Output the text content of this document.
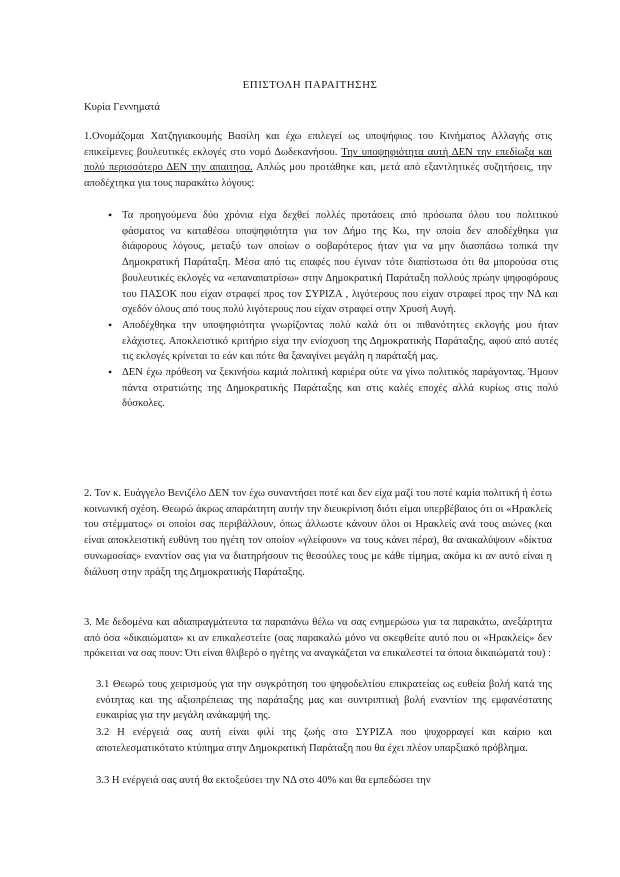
ΕΠΙΣΤΟΛΗ ΠΑΡΑΙΤΗΣΗΣ
Κυρία Γεννηματά
1.Ονομάζομαι Χατζηγιακουμής Βασίλη και έχω επιλεγεί ως υποψήφιος του Κινήματος Αλλαγής στις επικείμενες βουλευτικές εκλογές στο νομό Δωδεκανήσου. Την υποψηφιότητα αυτή ΔΕΝ την επεδίωξα και πολύ περισσότερο ΔΕΝ την απαιτησα. Απλώς μου προτάθηκε και, μετά από εξαντλητικές συζητήσεις, την αποδέχτηκα για τους παρακάτω λόγους:
• Τα προηγούμενα δύο χρόνια είχα δεχθεί πολλές προτάσεις από πρόσωπα όλου του πολιτικού φάσματος να καταθέσω υποψηφιότητα για τον Δήμο της Κω, την οποία δεν αποδέχθηκα για διάφορους λόγους, μεταξύ των οποίων ο σοβαρότερος ήταν για να μην διασπάσω τοπικά την Δημοκρατική Παράταξη. Μέσα από τις επαφές που έγιναν τότε διαπίστωσα ότι θα μπορούσα στις βουλευτικές εκλογές να «επαναπατρίσω» στην Δημοκρατική Παράταξη πολλούς πρώην ψηφοφόρους του ΠΑΣΟΚ που είχαν στραφεί προς τον ΣΥΡΙΖΑ , λιγότερους που είχαν στραφεί προς την ΝΔ και σχεδόν όλους από τους πολύ λιγότερους που είχαν στραφεί στην Χρυσή Αυγή.
• Αποδέχθηκα την υποψηφιότητα γνωρίζοντας πολύ καλά ότι οι πιθανότητες εκλογής μου ήταν ελάχιστες. Αποκλειστικό κριτήριο είχα την ενίσχυση της Δημοκρατικής Παράταξης, αφού από αυτές τις εκλογές κρίνεται το εάν και πότε θα ξαναγίνει μεγάλη η παράταξή μας.
• ΔΕΝ έχω πρόθεση να ξεκινήσω καμιά πολιτική καριέρα ούτε να γίνω πολιτικός παράγοντας. Ήμουν πάντα στρατιώτης της Δημοκρατικής Παράταξης και στις καλές εποχές αλλά κυρίως στις πολύ δύσκολες.
2. Τον κ. Ευάγγελο Βενιζέλο ΔΕΝ τον έχω συναντήσει ποτέ και δεν είχα μαζί του ποτέ καμία πολιτική ή έστω κοινωνική σχέση. Θεωρώ άκρως απαράιτητη αυτήν την διευκρίνιση διότι είμαι υπερβέβαιος ότι οι «Ηρακλείς του στέμματος» οι οποίοι σας περιβάλλουν, όπως άλλωστε κάνουν όλοι οι Ηρακλείς ανά τους αιώνες (και είναι αποκλειστική ευθύνη του ηγέτη τον οποίον «γλείφουν» να τους κάνει πέρα), θα ανακαλύψουν «δίκτυα συνωμοσίας» εναντίον σας για να διατηρήσουν τις θεσούλες τους με κάθε τίμημα, ακόμα κι αν αυτό είναι η διάλυση στην πράξη της Δημοκρατικής Παράταξης.
3. Με δεδομένα και αδιαπραγμάτευτα τα παραπάνω θέλω να σας ενημερώσω για τα παρακάτω, ανεξάρτητα από όσα «δικαιώματα» κι αν επικαλεστείτε (σας παρακαλώ μόνο να σκεφθείτε αυτό που οι «Ηρακλείς» δεν πρόκειται να σας πουν: Ότι είναι θλιβερό ο ηγέτης να αναγκάζεται να επικαλεστεί τα όποια δικαιώματά του) :
3.1 Θεωρώ τους χειρισμούς για την συγκρότηση του ψηφοδελτίου επικρατείας ως ευθεία βολή κατά της ενότητας και της αξιοπρέπειας της παράταξης μας και συντριπτική βολή εναντίον της εμφανέστατης ευκαιρίας για την μεγάλη ανάκαμψή της.
3.2 Η ενέργειά σας αυτή είναι φιλί της ζωής στο ΣΥΡΙΖΑ που ψυχορραγεί και καίριο και αποτελεσματικότατο κτύπημα στην Δημοκρατική Παράταξη που θα έχει πλέον υπαρξιακό πρόβλημα.
3.3 Η ενέργειά σας αυτή θα εκτοξεύσει την ΝΔ στο 40% και θα εμπεδώσει την
